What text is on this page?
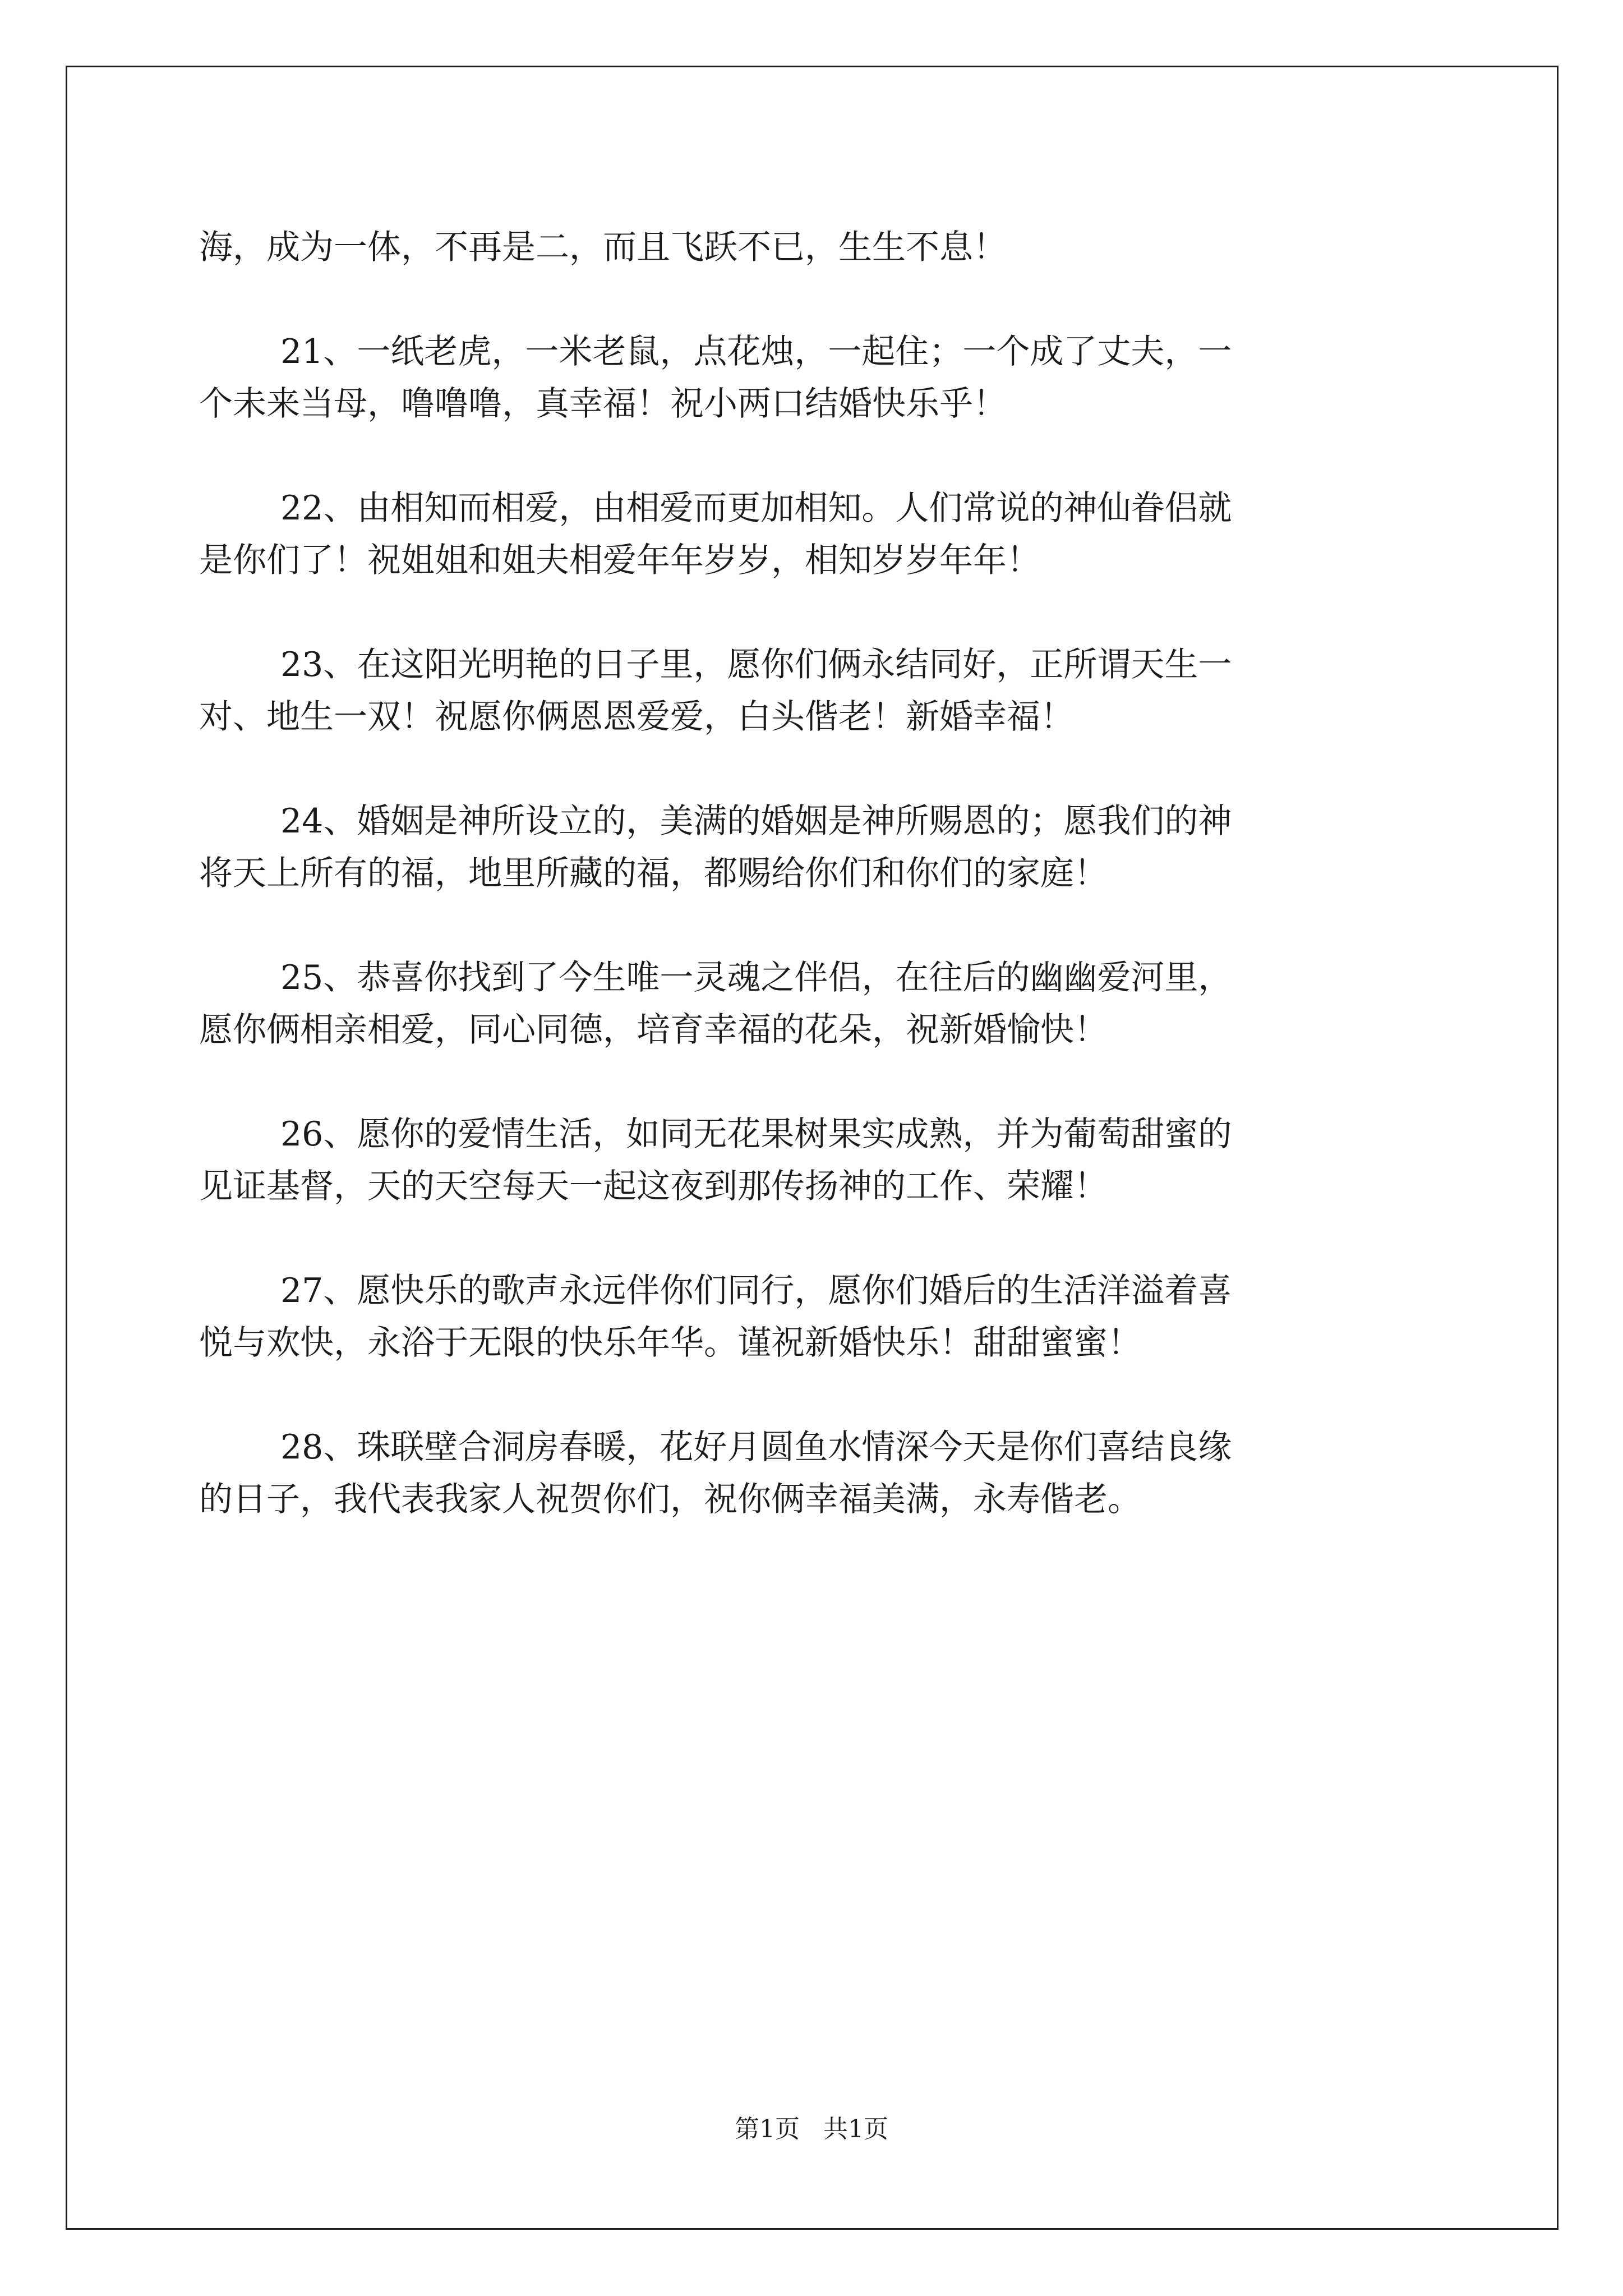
海，成为一体，不再是二，而且飞跃不已，生生不息！

21、一纸老虎，一米老鼠，点花烛，一起住；一个成了丈夫，一
个未来当母，噜噜噜，真幸福！祝小两口结婚快乐乎！

22、由相知而相爱，由相爱而更加相知。人们常说的神仙眷侣就
是你们了！祝姐姐和姐夫相爱年年岁岁，相知岁岁年年！

23、在这阳光明艳的日子里，愿你们俩永结同好，正所谓天生一
对、地生一双！祝愿你俩恩恩爱爱，白头偕老！新婚幸福！

24、婚姻是神所设立的，美满的婚姻是神所赐恩的；愿我们的神
将天上所有的福，地里所藏的福，都赐给你们和你们的家庭！

25、恭喜你找到了今生唯一灵魂之伴侣，在往后的幽幽爱河里，
愿你俩相亲相爱，同心同德，培育幸福的花朵，祝新婚愉快！

26、愿你的爱情生活，如同无花果树果实成熟，并为葡萄甜蜜的
见证基督，天的天空每天一起这夜到那传扬神的工作、荣耀！

27、愿快乐的歌声永远伴你们同行，愿你们婚后的生活洋溢着喜
悦与欢快，永浴于无限的快乐年华。谨祝新婚快乐！甜甜蜜蜜！

28、珠联壁合洞房春暖，花好月圆鱼水情深今天是你们喜结良缘
的日子，我代表我家人祝贺你们，祝你俩幸福美满，永寿偕老。

第1页   共1页
